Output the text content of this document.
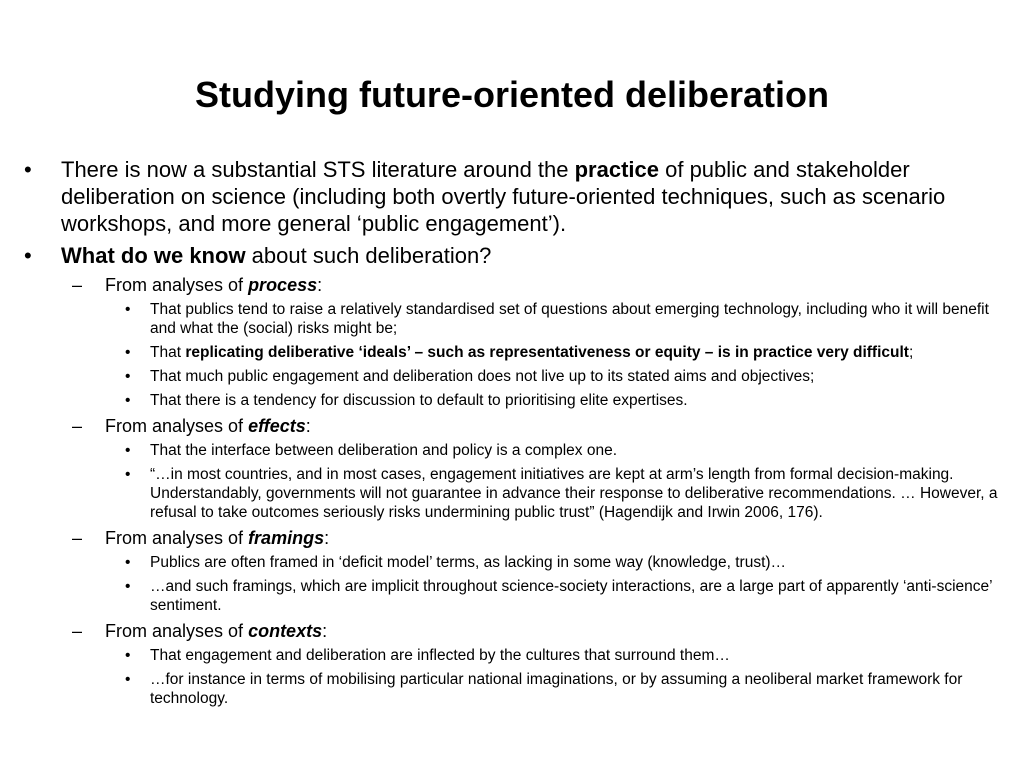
Studying future-oriented deliberation
• There is now a substantial STS literature around the practice of public and stakeholder deliberation on science (including both overtly future-oriented techniques, such as scenario workshops, and more general ‘public engagement’).
• What do we know about such deliberation?
– From analyses of process:
• That publics tend to raise a relatively standardised set of questions about emerging technology, including who it will benefit and what the (social) risks might be;
• That replicating deliberative ‘ideals’ – such as representativeness or equity – is in practice very difficult;
• That much public engagement and deliberation does not live up to its stated aims and objectives;
• That there is a tendency for discussion to default to prioritising elite expertises.
– From analyses of effects:
• That the interface between deliberation and policy is a complex one.
• “…in most countries, and in most cases, engagement initiatives are kept at arm’s length from formal decision-making. Understandably, governments will not guarantee in advance their response to deliberative recommendations. … However, a refusal to take outcomes seriously risks undermining public trust” (Hagendijk and Irwin 2006, 176).
– From analyses of framings:
• Publics are often framed in ‘deficit model’ terms, as lacking in some way (knowledge, trust)…
• …and such framings, which are implicit throughout science-society interactions, are a large part of apparently ‘anti-science’ sentiment.
– From analyses of contexts:
• That engagement and deliberation are inflected by the cultures that surround them…
• …for instance in terms of mobilising particular national imaginations, or by assuming a neoliberal market framework for technology.
